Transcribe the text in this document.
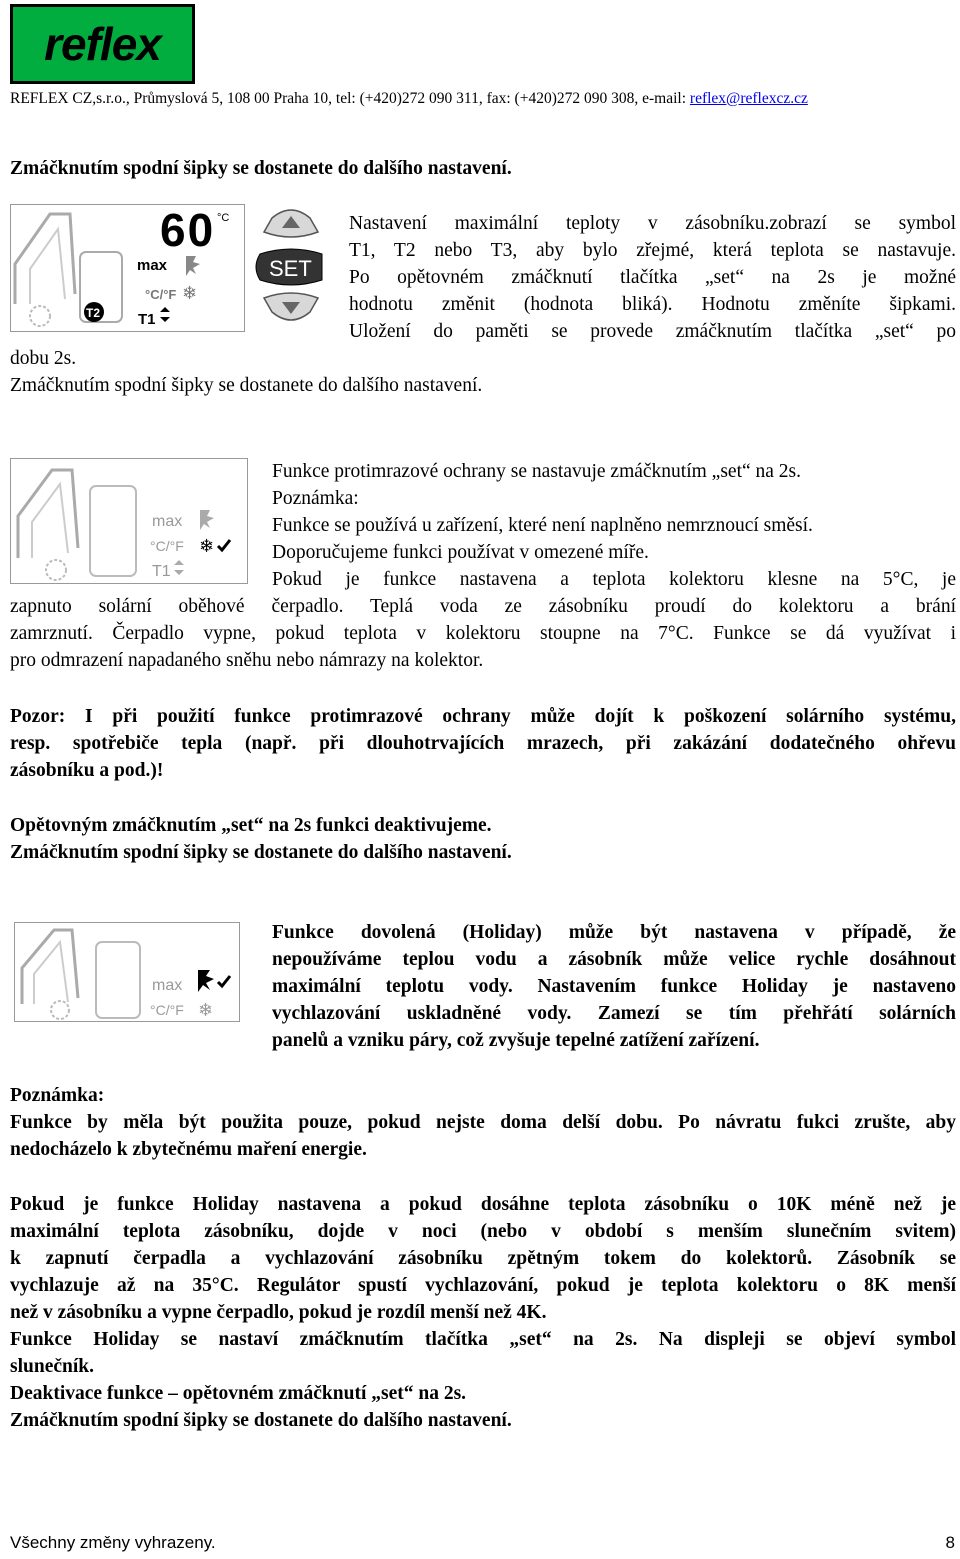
reflex
REFLEX CZ,s.r.o., Průmyslová 5, 108 00 Praha 10, tel: (+420)272 090 311, fax: (+420)272 090 308, e-mail: reflex@reflexcz.cz
Zmáčknutím spodní šipky se dostanete do dalšího nastavení.
60 °C
max
°C/°F ❄
T2	T1
SET
Nastavení maximální teploty v zásobníku.zobrazí se symbol
T1, T2 nebo T3, aby bylo zřejmé, která teplota se nastavuje.
Po opětovném zmáčknutí tlačítka „set“ na 2s je možné
hodnotu změnit (hodnota bliká). Hodnotu změníte šipkami.
Uložení do paměti se provede zmáčknutím tlačítka „set“ po
dobu 2s.
Zmáčknutím spodní šipky se dostanete do dalšího nastavení.
max
°C/°F ❄
T1
Funkce protimrazové ochrany se nastavuje zmáčknutím „set“ na 2s.
Poznámka:
Funkce se používá u zařízení, které není naplněno nemrznoucí směsí.
Doporučujeme funkci používat v omezené míře.
Pokud je funkce nastavena a teplota kolektoru klesne na 5°C, je
zapnuto solární oběhové čerpadlo. Teplá voda ze zásobníku proudí do kolektoru a brání
zamrznutí. Čerpadlo vypne, pokud teplota v kolektoru stoupne na 7°C. Funkce se dá využívat i
pro odmrazení napadaného sněhu nebo námrazy na kolektor.
Pozor: I při použití funkce protimrazové ochrany může dojít k poškození solárního systému,
resp. spotřebiče tepla (např. při dlouhotrvajících mrazech, při zakázání dodatečného ohřevu
zásobníku a pod.)!
Opětovným zmáčknutím „set“ na 2s funkci deaktivujeme.
Zmáčknutím spodní šipky se dostanete do dalšího nastavení.
max
°C/°F ❄
Funkce dovolená (Holiday) může být nastavena v případě, že
nepoužíváme teplou vodu a zásobník může velice rychle dosáhnout
maximální teplotu vody. Nastavením funkce Holiday je nastaveno
vychlazování uskladněné vody. Zamezí se tím přehřátí solárních
panelů a vzniku páry, což zvyšuje tepelné zatížení zařízení.
Poznámka:
Funkce by měla být použita pouze, pokud nejste doma delší dobu. Po návratu fukci zrušte, aby
nedocházelo k zbytečnému maření energie.
Pokud je funkce Holiday nastavena a pokud dosáhne teplota zásobníku o 10K méně než je
maximální teplota zásobníku, dojde v noci (nebo v období s menším slunečním svitem)
k zapnutí čerpadla a vychlazování zásobníku zpětným tokem do kolektorů. Zásobník se
vychlazuje až na 35°C. Regulátor spustí vychlazování, pokud je teplota kolektoru o 8K menší
než v zásobníku a vypne čerpadlo, pokud je rozdíl menší než 4K.
Funkce Holiday se nastaví zmáčknutím tlačítka „set“ na 2s. Na displeji se objeví symbol
slunečník.
Deaktivace funkce – opětovném zmáčknutí „set“ na 2s.
Zmáčknutím spodní šipky se dostanete do dalšího nastavení.
Všechny změny vyhrazeny.	8
